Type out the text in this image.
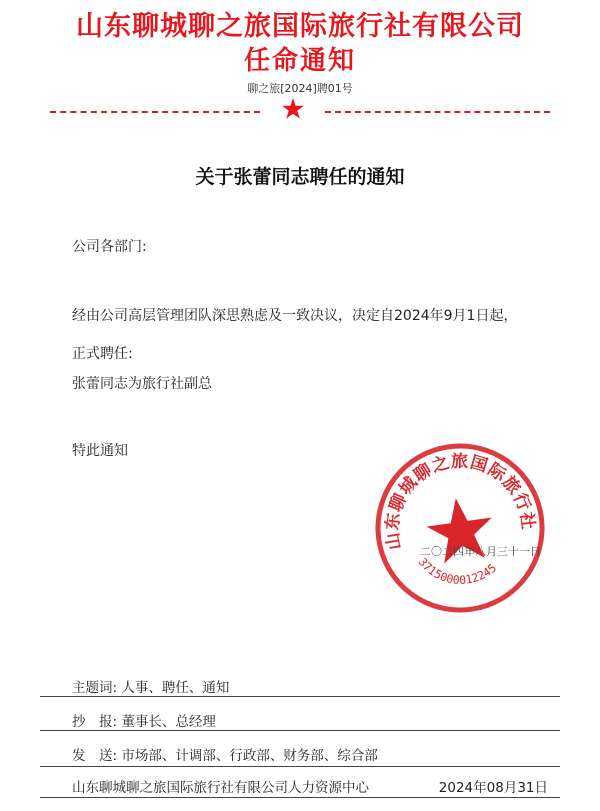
山东聊城聊之旅国际旅行社有限公司
任命通知
聊之旅[2024]聘01号
关于张蕾同志聘任的通知
公司各部门:
经由公司高层管理团队深思熟虑及一致决议，决定自2024年9月1日起，
正式聘任:
张蕾同志为旅行社副总
特此通知
山东聊城聊之旅国际旅行社有限公司
3715000012245
二〇二四年八月三十一日
主题词: 人事、聘任、通知
抄　报: 董事长、总经理
发　送: 市场部、计调部、行政部、财务部、综合部
山东聊城聊之旅国际旅行社有限公司人力资源中心	2024年08月31日
